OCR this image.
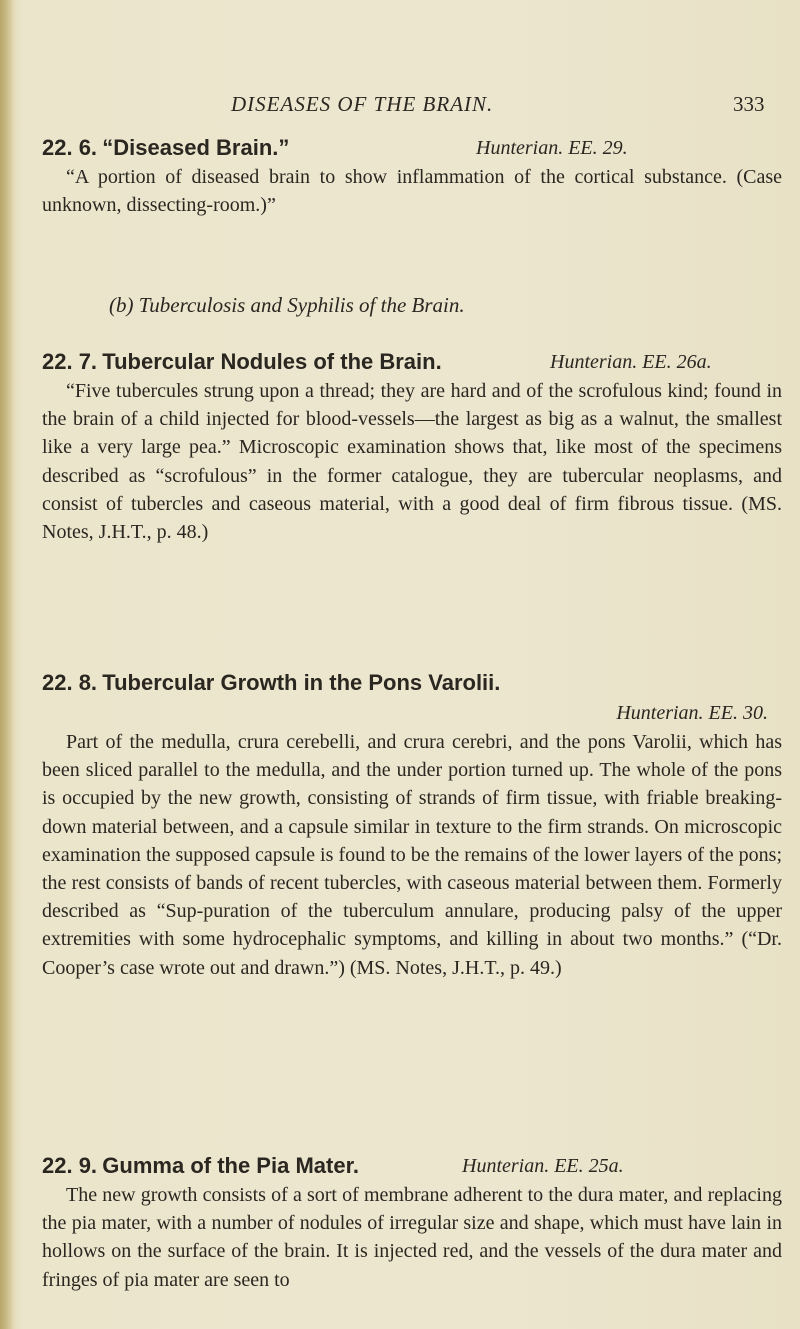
DISEASES OF THE BRAIN.	333
22. 6. “Diseased Brain.”	Hunterian. EE. 29.
“A portion of diseased brain to show inflammation of the cortical substance. (Case unknown, dissecting-room.)”
(b) Tuberculosis and Syphilis of the Brain.
22. 7. Tubercular Nodules of the Brain.	Hunterian. EE. 26a.
“Five tubercules strung upon a thread; they are hard and of the scrofulous kind; found in the brain of a child injected for blood-vessels—the largest as big as a walnut, the smallest like a very large pea.” Microscopic examination shows that, like most of the specimens described as “scrofulous” in the former catalogue, they are tubercular neoplasms, and consist of tubercles and caseous material, with a good deal of firm fibrous tissue. (MS. Notes, J.H.T., p. 48.)
22. 8. Tubercular Growth in the Pons Varolii.
Hunterian. EE. 30.
Part of the medulla, crura cerebelli, and crura cerebri, and the pons Varolii, which has been sliced parallel to the medulla, and the under portion turned up. The whole of the pons is occupied by the new growth, consisting of strands of firm tissue, with friable breaking-down material between, and a capsule similar in texture to the firm strands. On microscopic examination the supposed capsule is found to be the remains of the lower layers of the pons; the rest consists of bands of recent tubercles, with caseous material between them. Formerly described as “Sup-puration of the tuberculum annulare, producing palsy of the upper extremities with some hydrocephalic symptoms, and killing in about two months.” (“Dr. Cooper’s case wrote out and drawn.”) (MS. Notes, J.H.T., p. 49.)
22. 9. Gumma of the Pia Mater.	Hunterian. EE. 25a.
The new growth consists of a sort of membrane adherent to the dura mater, and replacing the pia mater, with a number of nodules of irregular size and shape, which must have lain in hollows on the surface of the brain. It is injected red, and the vessels of the dura mater and fringes of pia mater are seen to
